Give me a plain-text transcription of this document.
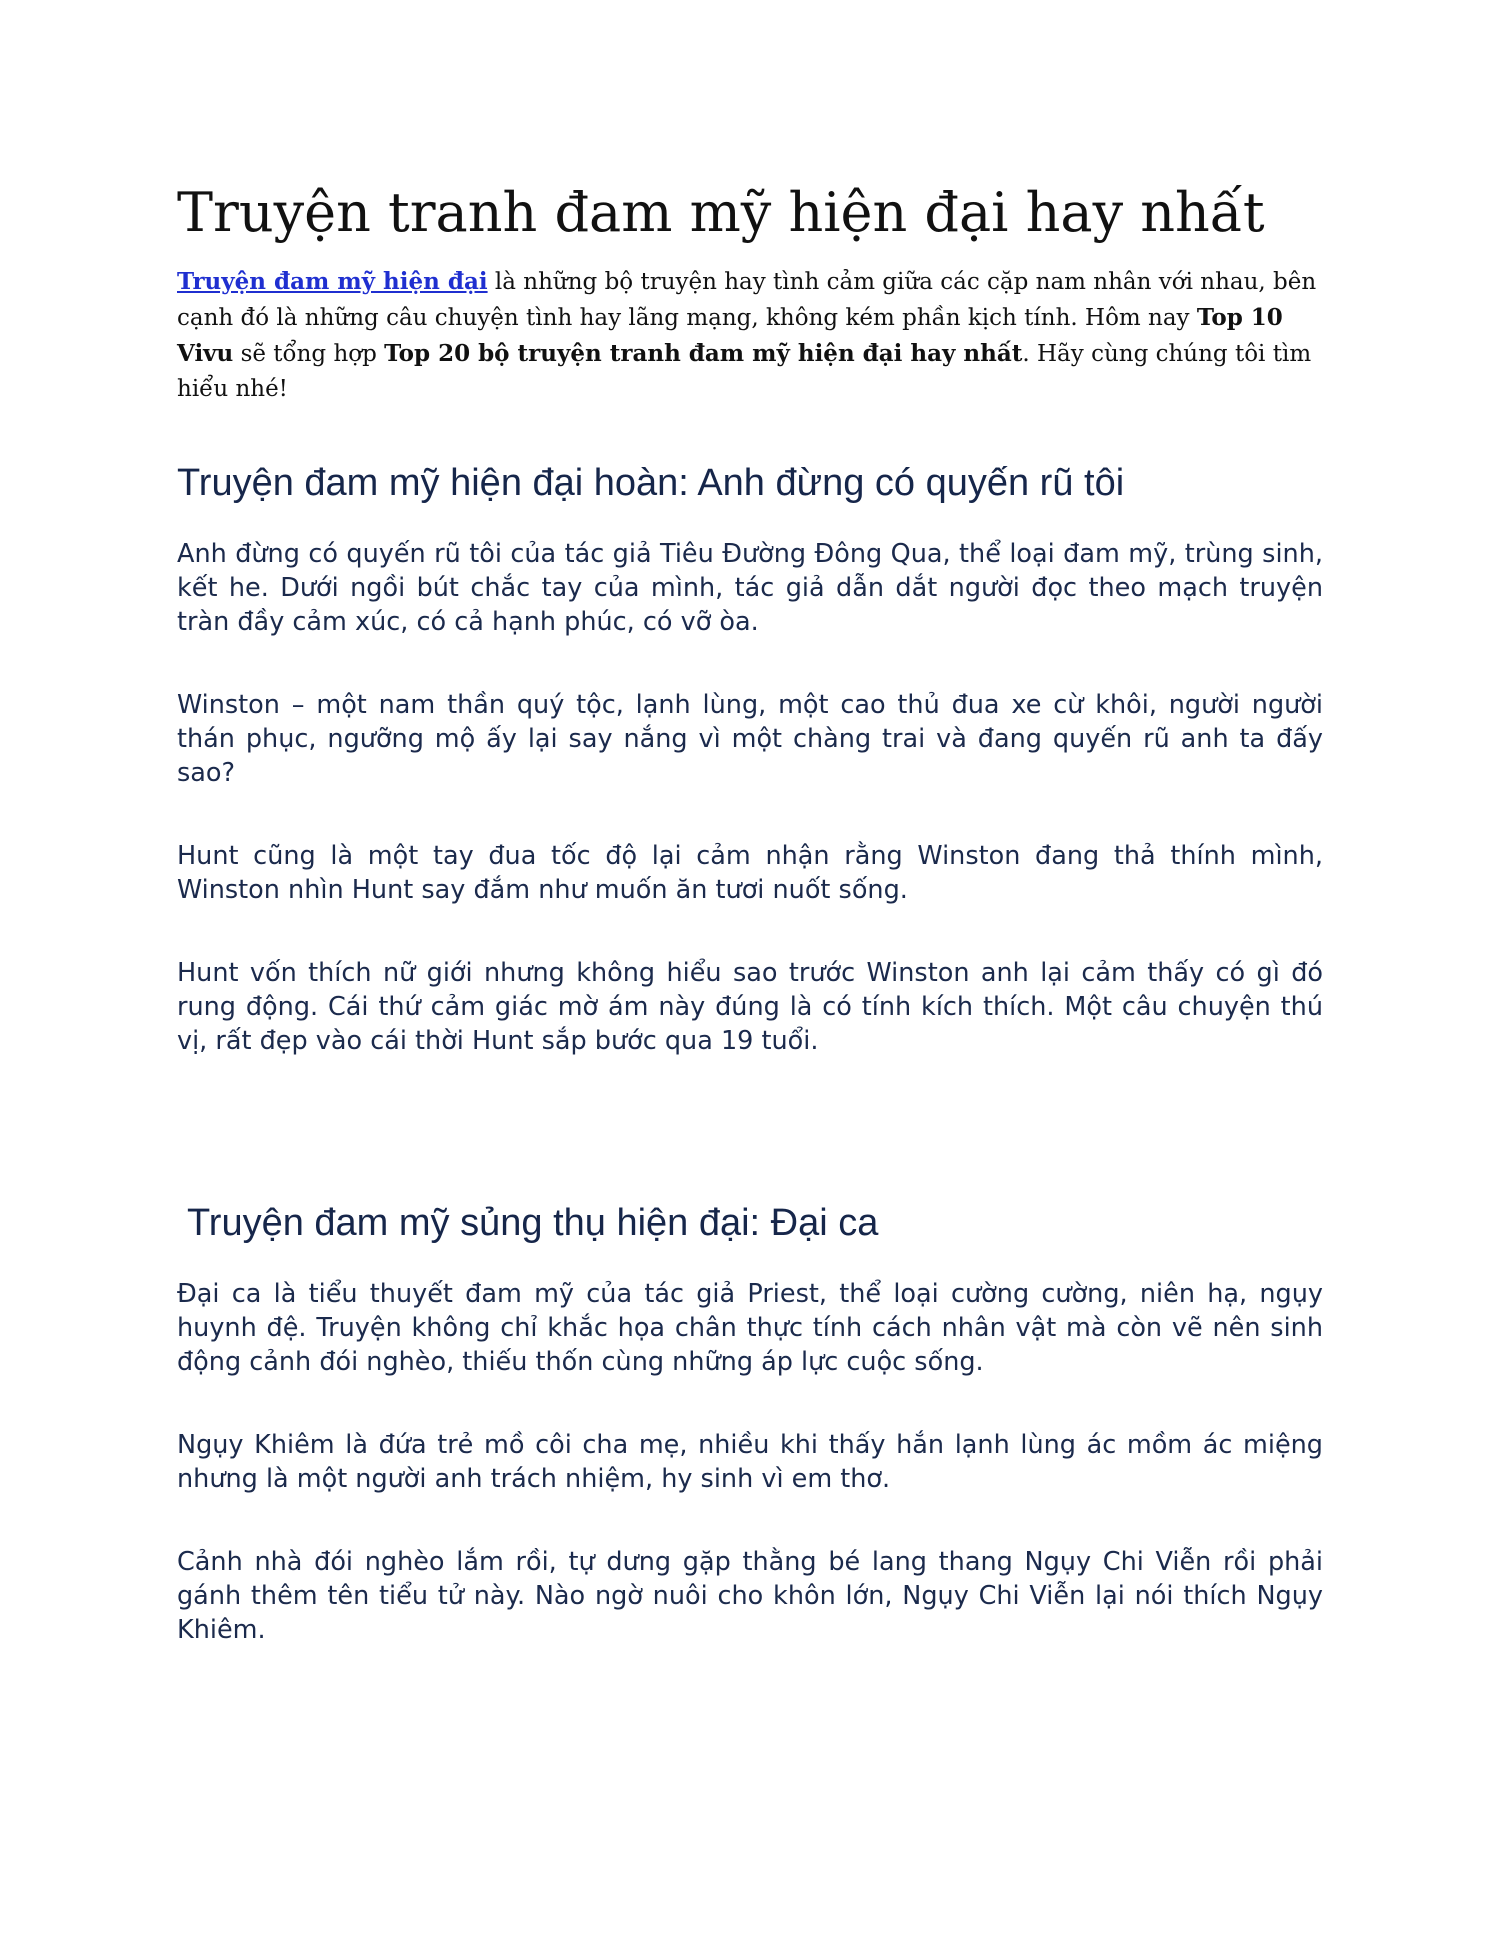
Truyện tranh đam mỹ hiện đại hay nhất

Truyện đam mỹ hiện đại là những bộ truyện hay tình cảm giữa các cặp nam nhân với nhau, bên cạnh đó là những câu chuyện tình hay lãng mạng, không kém phần kịch tính. Hôm nay Top 10 Vivu sẽ tổng hợp Top 20 bộ truyện tranh đam mỹ hiện đại hay nhất. Hãy cùng chúng tôi tìm hiểu nhé!

Truyện đam mỹ hiện đại hoàn: Anh đừng có quyến rũ tôi

Anh đừng có quyến rũ tôi của tác giả Tiêu Đường Đông Qua, thể loại đam mỹ, trùng sinh, kết he. Dưới ngồi bút chắc tay của mình, tác giả dẫn dắt người đọc theo mạch truyện tràn đầy cảm xúc, có cả hạnh phúc, có vỡ òa.

Winston – một nam thần quý tộc, lạnh lùng, một cao thủ đua xe cừ khôi, người người thán phục, ngưỡng mộ ấy lại say nắng vì một chàng trai và đang quyến rũ anh ta đấy sao?

Hunt cũng là một tay đua tốc độ lại cảm nhận rằng Winston đang thả thính mình, Winston nhìn Hunt say đắm như muốn ăn tươi nuốt sống.

Hunt vốn thích nữ giới nhưng không hiểu sao trước Winston anh lại cảm thấy có gì đó rung động. Cái thứ cảm giác mờ ám này đúng là có tính kích thích. Một câu chuyện thú vị, rất đẹp vào cái thời Hunt sắp bước qua 19 tuổi.

Truyện đam mỹ sủng thụ hiện đại: Đại ca

Đại ca là tiểu thuyết đam mỹ của tác giả Priest, thể loại cường cường, niên hạ, ngụy huynh đệ. Truyện không chỉ khắc họa chân thực tính cách nhân vật mà còn vẽ nên sinh động cảnh đói nghèo, thiếu thốn cùng những áp lực cuộc sống.

Ngụy Khiêm là đứa trẻ mồ côi cha mẹ, nhiều khi thấy hắn lạnh lùng ác mồm ác miệng nhưng là một người anh trách nhiệm, hy sinh vì em thơ.

Cảnh nhà đói nghèo lắm rồi, tự dưng gặp thằng bé lang thang Ngụy Chi Viễn rồi phải gánh thêm tên tiểu tử này. Nào ngờ nuôi cho khôn lớn, Ngụy Chi Viễn lại nói thích Ngụy Khiêm.
